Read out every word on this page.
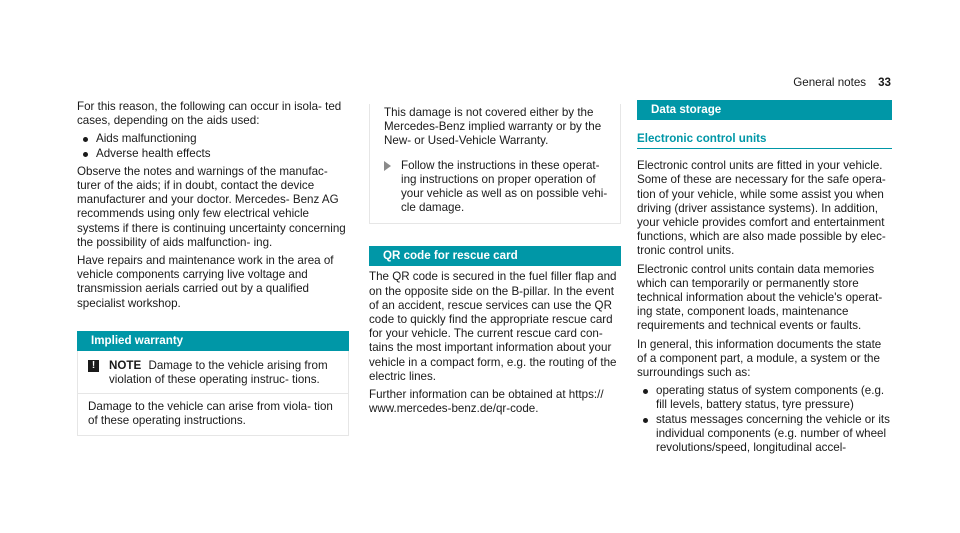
General notes 33

For this reason, the following can occur in isola- ted cases, depending on the aids used:

Aids malfunctioning
Adverse health effects

Observe the notes and warnings of the manufac- turer of the aids; if in doubt, contact the device manufacturer and your doctor. Mercedes- Benz AG recommends using only few electrical vehicle systems if there is continuing uncertainty concerning the possibility of aids malfunction- ing.

Have repairs and maintenance work in the area of vehicle components carrying live voltage and transmission aerials carried out by a qualified specialist workshop.

Implied warranty
!	NOTE Damage to the vehicle arising from violation of these operating instruc- tions.
Damage to the vehicle can arise from viola- tion of these operating instructions.

This damage is not covered either by the Mercedes-Benz implied warranty or by the New- or Used-Vehicle Warranty.

Follow the instructions in these operat- ing instructions on proper operation of your vehicle as well as on possible vehi- cle damage.
QR code for rescue card

The QR code is secured in the fuel filler flap and on the opposite side on the B-pillar. In the event of an accident, rescue services can use the QR code to quickly find the appropriate rescue card for your vehicle. The current rescue card con- tains the most important information about your vehicle in a compact form, e.g. the routing of the electric lines.

Further information can be obtained at https:// www.mercedes-benz.de/qr-code.

Data storage
Electronic control units

Electronic control units are fitted in your vehicle. Some of these are necessary for the safe opera- tion of your vehicle, while some assist you when driving (driver assistance systems). In addition, your vehicle provides comfort and entertainment functions, which are also made possible by elec- tronic control units.

Electronic control units contain data memories which can temporarily or permanently store technical information about the vehicle's operat- ing state, component loads, maintenance requirements and technical events or faults.

In general, this information documents the state of a component part, a module, a system or the surroundings such as:

operating status of system components (e.g. fill levels, battery status, tyre pressure)
status messages concerning the vehicle or its individual components (e.g. number of wheel revolutions/speed, longitudinal accel-
